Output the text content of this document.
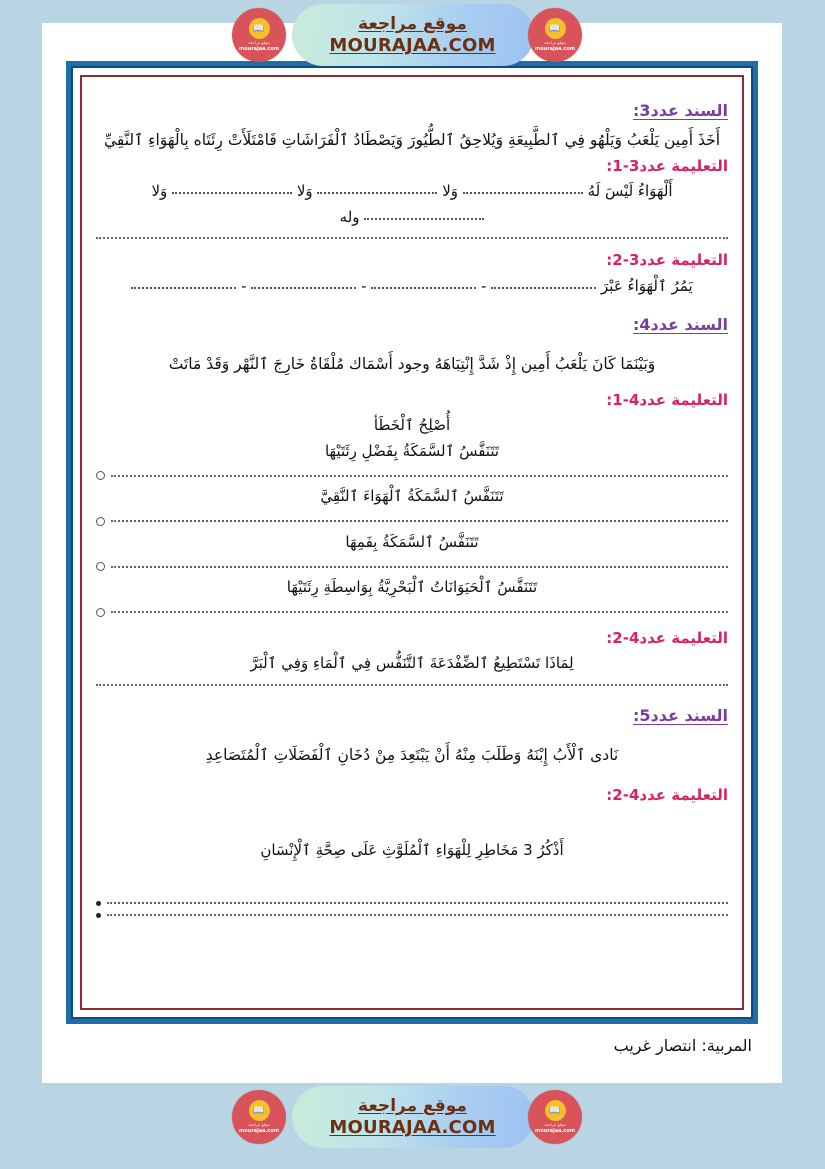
📖
موقع مراجعة
mourajaa.com
موقع مراجعة
MOURAJAA.COM
📖
موقع مراجعة
mourajaa.com
السند عدد3:

أَخَذَ أَمِين يَلْعَبُ وَيَلْهُو فِي ٱلطَّبِيعَةِ وَيُلاحِقُ ٱلطُّيُورَ وَيَصْطَادُ ٱلْفَرَاشَاتِ فَامْتَلَأَتْ رِئَتَاه بِالْهَوَاءِ ٱلنَّقِيِّ

التعليمة عدد3-1:

أَلْهَوَاءُ لَيْسَ لَهُ  وَلا  وَلا  وَلا  وله

التعليمة عدد3-2:

يَمُرُ ٱلْهَوَاءُ عَبْرَ  -  -  -

السند عدد4:

وَبَيْنَمَا كَانَ يَلْعَبُ أَمِين إِذْ شَدَّ إِنْتِبَاهَهُ وجود أَسْمَاك مُلْقَاةُ خَارِجَ ٱلنَّهْر وَقَدْ مَاتَتْ

التعليمة عدد4-1:

أُصْلِحُ ٱلْخَطَأ

تَتَنَفَّسُ ٱلسَّمَكَةُ بِفَضْلِ رِئَتَيْهَا

تَتَنَفَّسُ ٱلسَّمَكَةُ ٱلْهَوَاءَ ٱلنَّقِيَّ

تَتَنَفَّسُ ٱلسَّمَكَةُ بِفَمِهَا

تَتَنَفَّسُ ٱلْحَيَوَانَاتُ ٱلْبَحْرِيَّةُ بِوَاسِطَةِ رِئَتَيْهَا

التعليمة عدد4-2:

لِمَاذَا تَسْتَطِيعُ ٱلضِّفْدَعَةَ ٱلتَّنَفُّس فِي ٱلْمَاءِ وَفِي ٱلْبَرَّ

السند عدد5:

نَادى ٱلْأَبُ إِبْنَهُ وَطَلَبَ مِنْهُ أَنْ يَبْتَعِدَ مِنْ دُخَانِ ٱلْفَضَلَاتِ ٱلْمُتَصَاعِدِ

التعليمة عدد4-2:

أَذْكُرُ 3 مَخَاطِرِ لِلْهَوَاءِ ٱلْمُلَوَّثِ عَلَى صِحَّةِ ٱلْإِنْسَانِ

المربية: انتصار غريب
📖
موقع مراجعة
mourajaa.com
موقع مراجعة
MOURAJAA.COM
📖
موقع مراجعة
mourajaa.com
